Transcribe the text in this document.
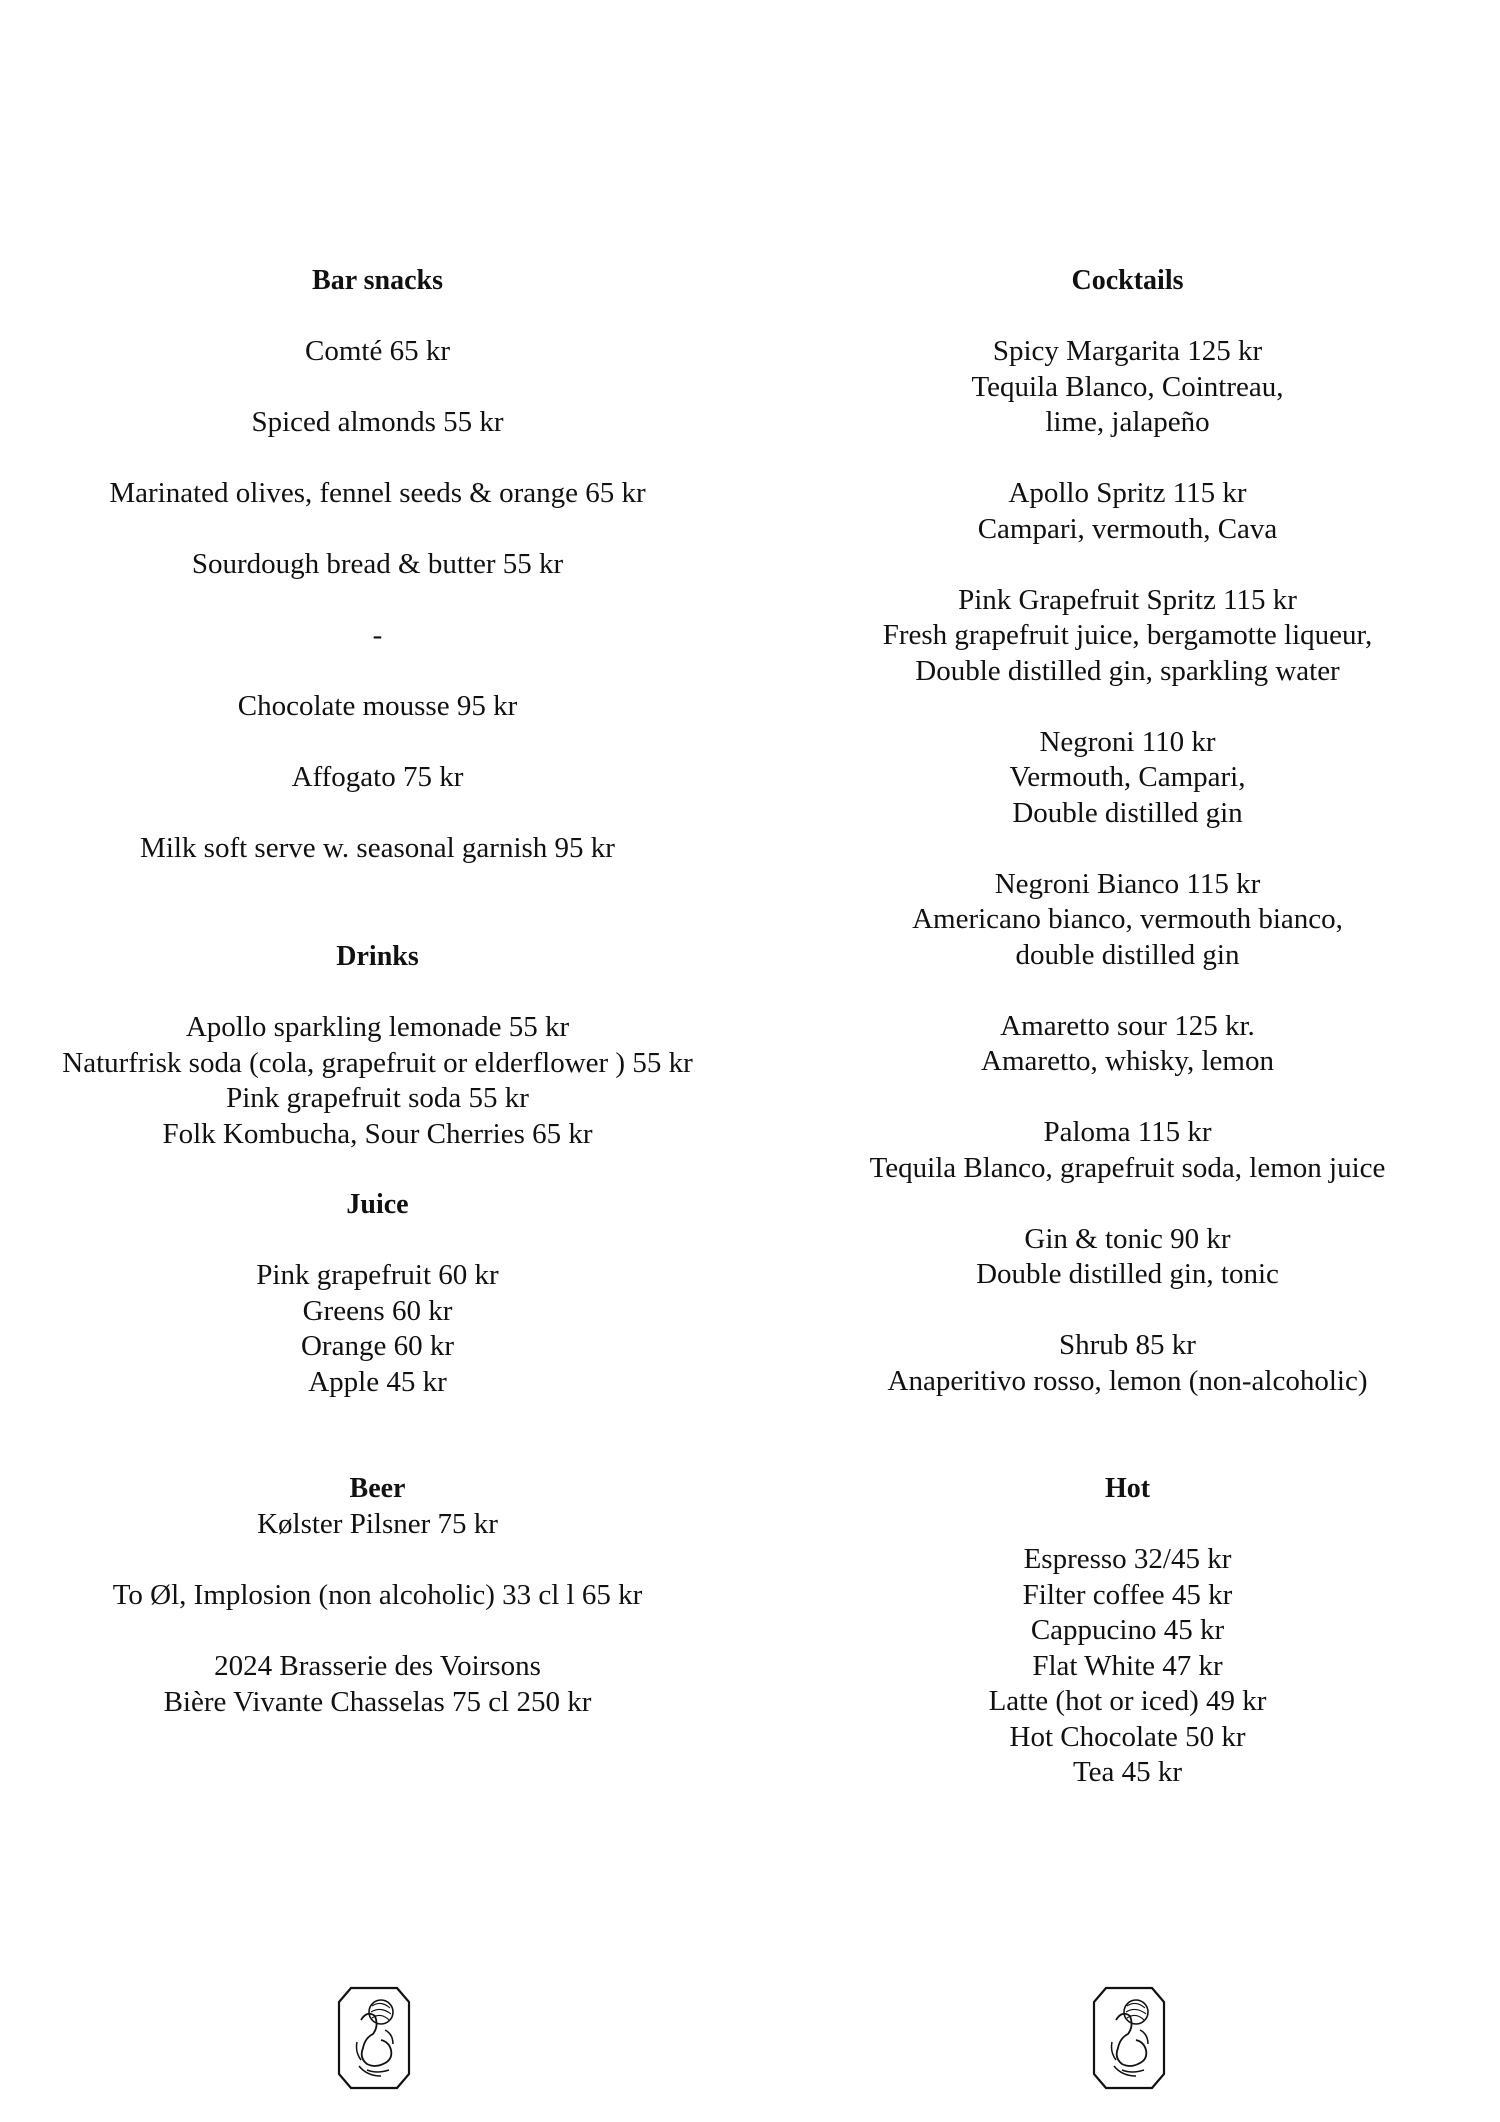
Bar snacks

Comté 65 kr

Spiced almonds 55 kr

Marinated olives, fennel seeds & orange 65 kr

Sourdough bread & butter 55 kr

-

Chocolate mousse 95 kr

Affogato 75 kr

Milk soft serve w. seasonal garnish 95 kr

Drinks

Apollo sparkling lemonade 55 kr

Naturfrisk soda (cola, grapefruit or elderflower ) 55 kr

Pink grapefruit soda 55 kr

Folk Kombucha, Sour Cherries 65 kr

Juice

Pink grapefruit 60 kr

Greens 60 kr

Orange 60 kr

Apple 45 kr

Beer

Kølster Pilsner 75 kr

To Øl, Implosion (non alcoholic) 33 cl l 65 kr

2024 Brasserie des Voirsons

Bière Vivante Chasselas 75 cl 250 kr

Cocktails

Spicy Margarita 125 kr

Tequila Blanco, Cointreau,

lime, jalapeño

Apollo Spritz 115 kr

Campari, vermouth, Cava

Pink Grapefruit Spritz 115 kr

Fresh grapefruit juice, bergamotte liqueur,

Double distilled gin, sparkling water

Negroni 110 kr

Vermouth, Campari,

Double distilled gin

Negroni Bianco 115 kr

Americano bianco, vermouth bianco,

double distilled gin

Amaretto sour 125 kr.

Amaretto, whisky, lemon

Paloma 115 kr

Tequila Blanco, grapefruit soda, lemon juice

Gin & tonic 90 kr

Double distilled gin, tonic

Shrub 85 kr

Anaperitivo rosso, lemon (non-alcoholic)

Hot

Espresso 32/45 kr

Filter coffee 45 kr

Cappucino 45 kr

Flat White 47 kr

Latte (hot or iced) 49 kr

Hot Chocolate 50 kr

Tea 45 kr
